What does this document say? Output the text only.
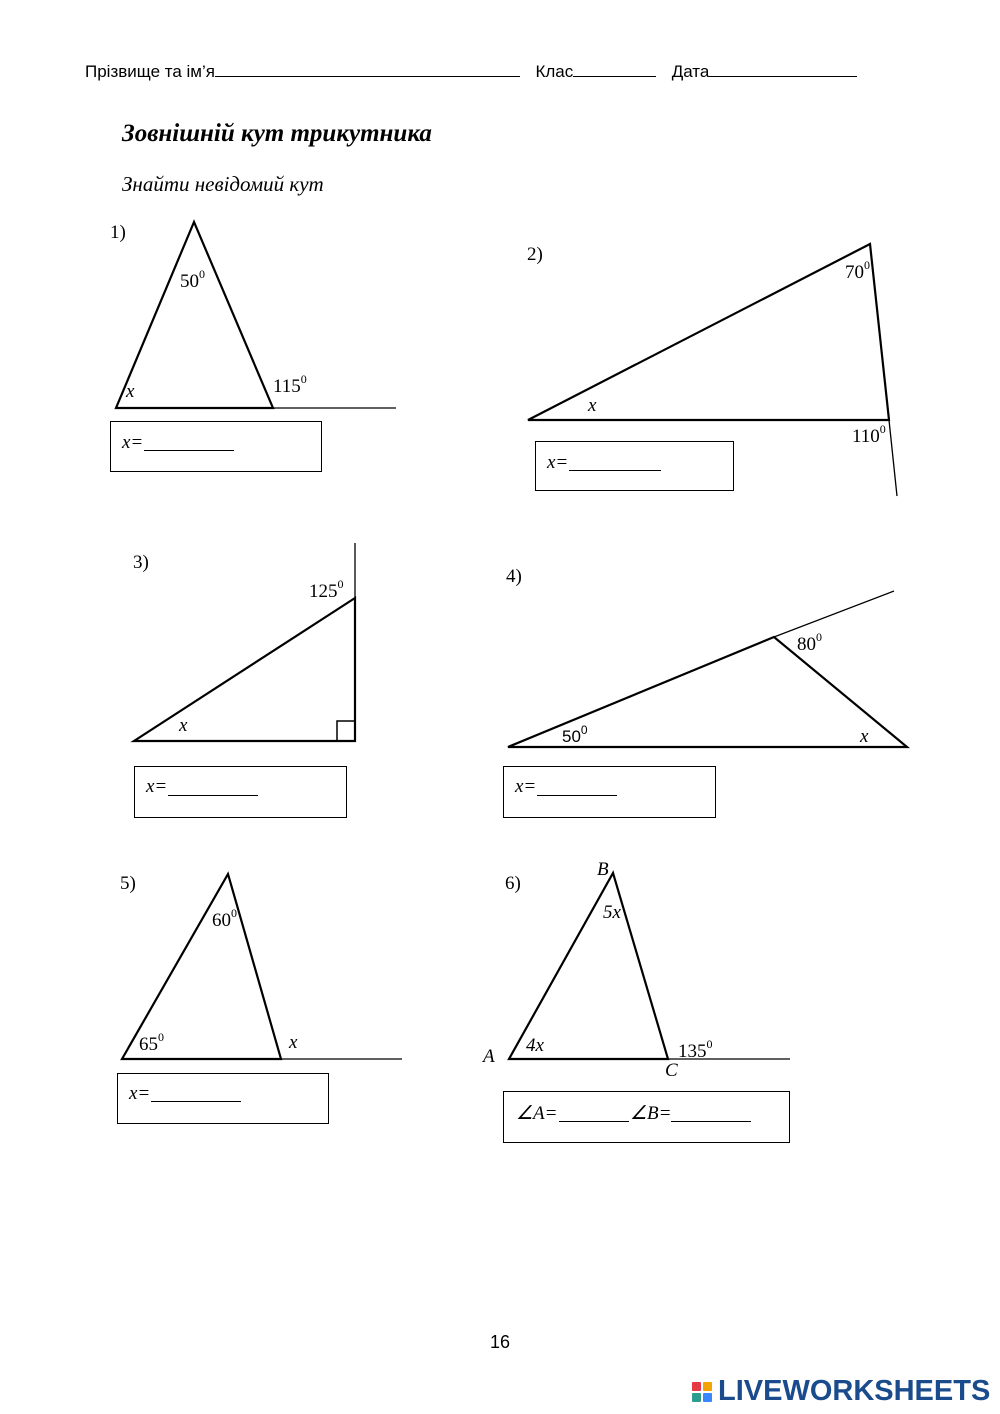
Прізвище та ім’я	Клас	Дата
Зовнішній кут трикутника
Знайти невідомий кут
1)
2)
3)
4)
5)	6)
$50^0$
x	$115^0$
$70^0$
x
$110^0$
$125^0$
x
$80^0$
$50^0$	x
$60^0$
$65^0$	x
B
5x
4x
A
C
$135^0$
x=
x=
x=	x=
x=
∠A=	∠B=
16
LIVEWORKSHEETS
